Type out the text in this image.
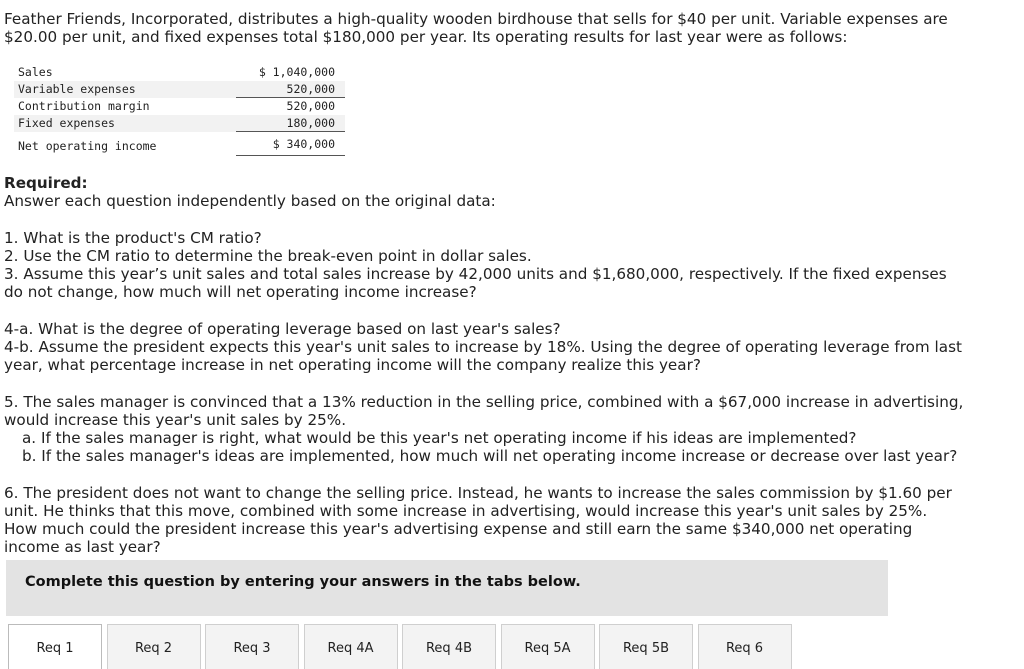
Feather Friends, Incorporated, distributes a high-quality wooden birdhouse that sells for $40 per unit. Variable expenses are $20.00 per unit, and fixed expenses total $180,000 per year. Its operating results for last year were as follows:

Sales	$ 1,040,000
Variable expenses	520,000
Contribution margin	520,000
Fixed expenses	180,000
Net operating income	$ 340,000

Required:

Answer each question independently based on the original data:

1. What is the product's CM ratio?

2. Use the CM ratio to determine the break-even point in dollar sales.

3. Assume this year’s unit sales and total sales increase by 42,000 units and $1,680,000, respectively. If the fixed expenses do not change, how much will net operating income increase?

4-a. What is the degree of operating leverage based on last year's sales?

4-b. Assume the president expects this year's unit sales to increase by 18%. Using the degree of operating leverage from last year, what percentage increase in net operating income will the company realize this year?

5. The sales manager is convinced that a 13% reduction in the selling price, combined with a $67,000 increase in advertising, would increase this year's unit sales by 25%.

a. If the sales manager is right, what would be this year's net operating income if his ideas are implemented?

b. If the sales manager's ideas are implemented, how much will net operating income increase or decrease over last year?

6. The president does not want to change the selling price. Instead, he wants to increase the sales commission by $1.60 per unit. He thinks that this move, combined with some increase in advertising, would increase this year's unit sales by 25%. How much could the president increase this year's advertising expense and still earn the same $340,000 net operating income as last year?

Complete this question by entering your answers in the tabs below.
Req 1	Req 2	Req 3	Req 4A	Req 4B	Req 5A	Req 5B	Req 6
